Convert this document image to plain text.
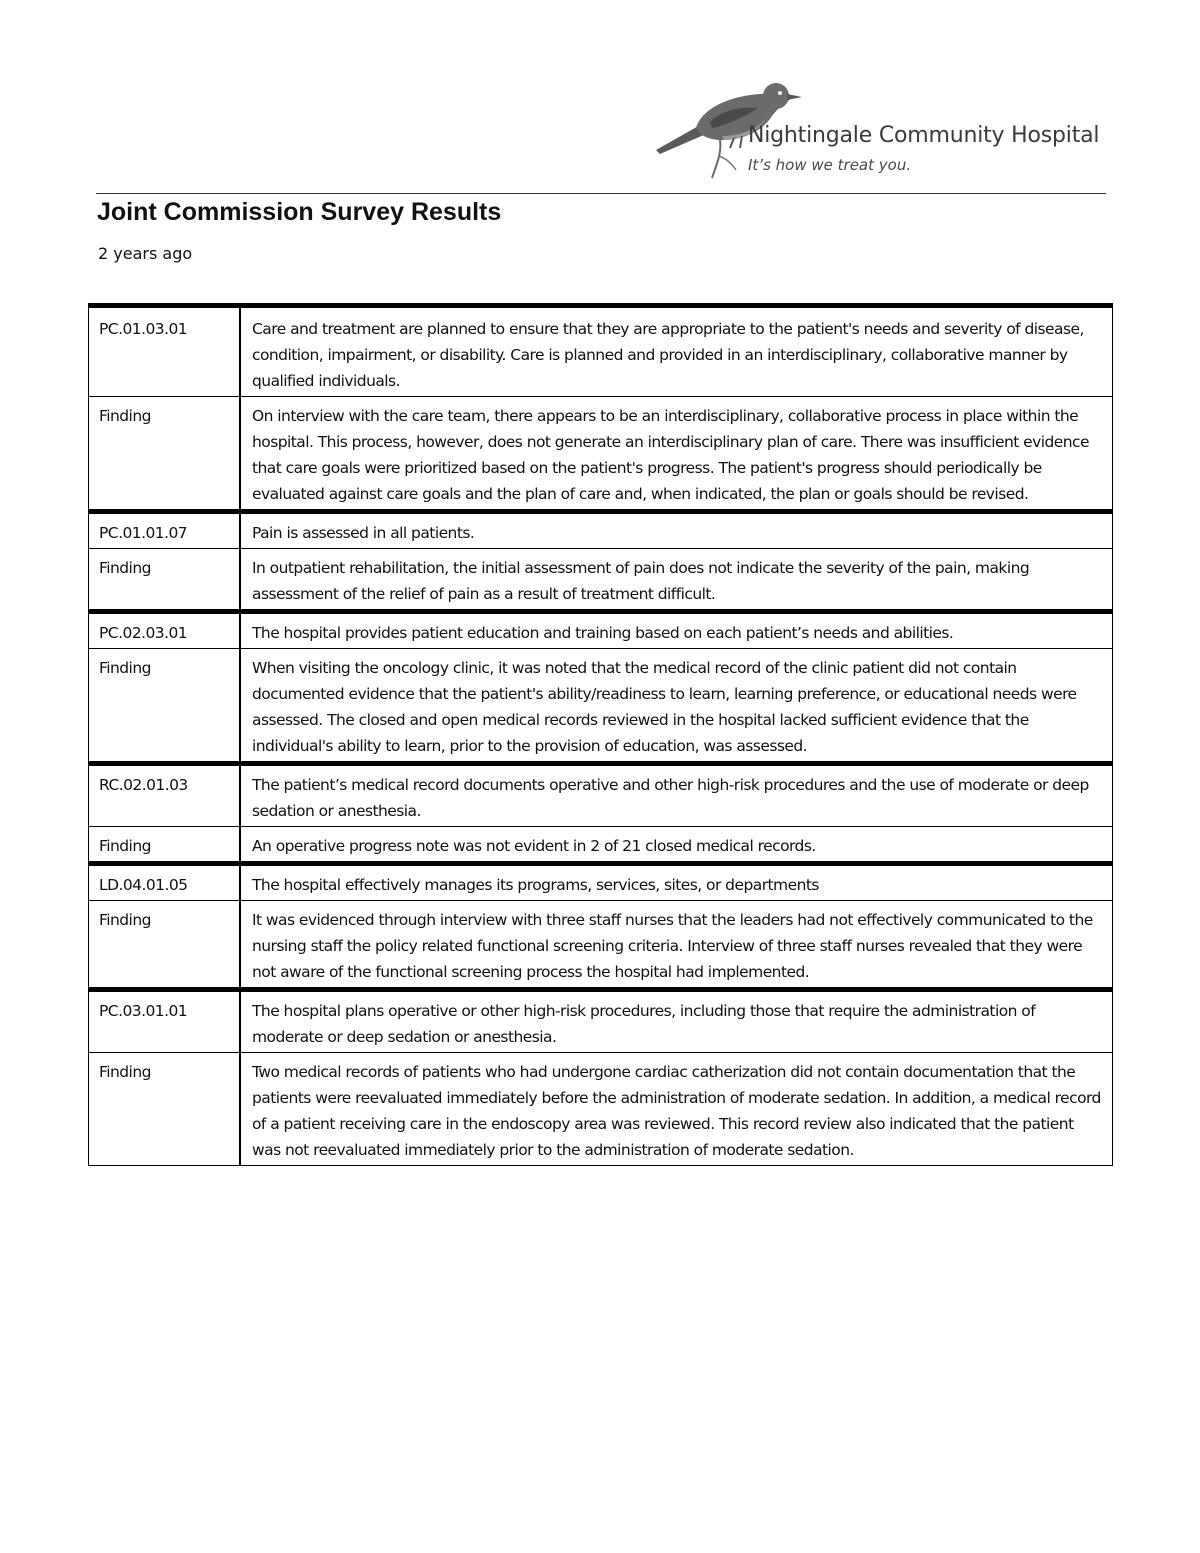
Nightingale Community Hospital
It’s how we treat you.
Joint Commission Survey Results
2 years ago
PC.01.03.01	Care and treatment are planned to ensure that they are appropriate to the patient's needs and severity of disease, condition, impairment, or disability. Care is planned and provided in an interdisciplinary, collaborative manner by qualified individuals.
Finding	On interview with the care team, there appears to be an interdisciplinary, collaborative process in place within the hospital. This process, however, does not generate an interdisciplinary plan of care. There was insufficient evidence that care goals were prioritized based on the patient's progress. The patient's progress should periodically be evaluated against care goals and the plan of care and, when indicated, the plan or goals should be revised.
PC.01.01.07	Pain is assessed in all patients.
Finding	In outpatient rehabilitation, the initial assessment of pain does not indicate the severity of the pain, making assessment of the relief of pain as a result of treatment difficult.
PC.02.03.01	The hospital provides patient education and training based on each patient’s needs and abilities.
Finding	When visiting the oncology clinic, it was noted that the medical record of the clinic patient did not contain documented evidence that the patient's ability/readiness to learn, learning preference, or educational needs were assessed. The closed and open medical records reviewed in the hospital lacked sufficient evidence that the individual's ability to learn, prior to the provision of education, was assessed.
RC.02.01.03	The patient’s medical record documents operative and other high-risk procedures and the use of moderate or deep sedation or anesthesia.
Finding	An operative progress note was not evident in 2 of 21 closed medical records.
LD.04.01.05	The hospital effectively manages its programs, services, sites, or departments
Finding	It was evidenced through interview with three staff nurses that the leaders had not effectively communicated to the nursing staff the policy related functional screening criteria. Interview of three staff nurses revealed that they were not aware of the functional screening process the hospital had implemented.
PC.03.01.01	The hospital plans operative or other high-risk procedures, including those that require the administration of moderate or deep sedation or anesthesia.
Finding	Two medical records of patients who had undergone cardiac catherization did not contain documentation that the patients were reevaluated immediately before the administration of moderate sedation. In addition, a medical record of a patient receiving care in the endoscopy area was reviewed. This record review also indicated that the patient was not reevaluated immediately prior to the administration of moderate sedation.
